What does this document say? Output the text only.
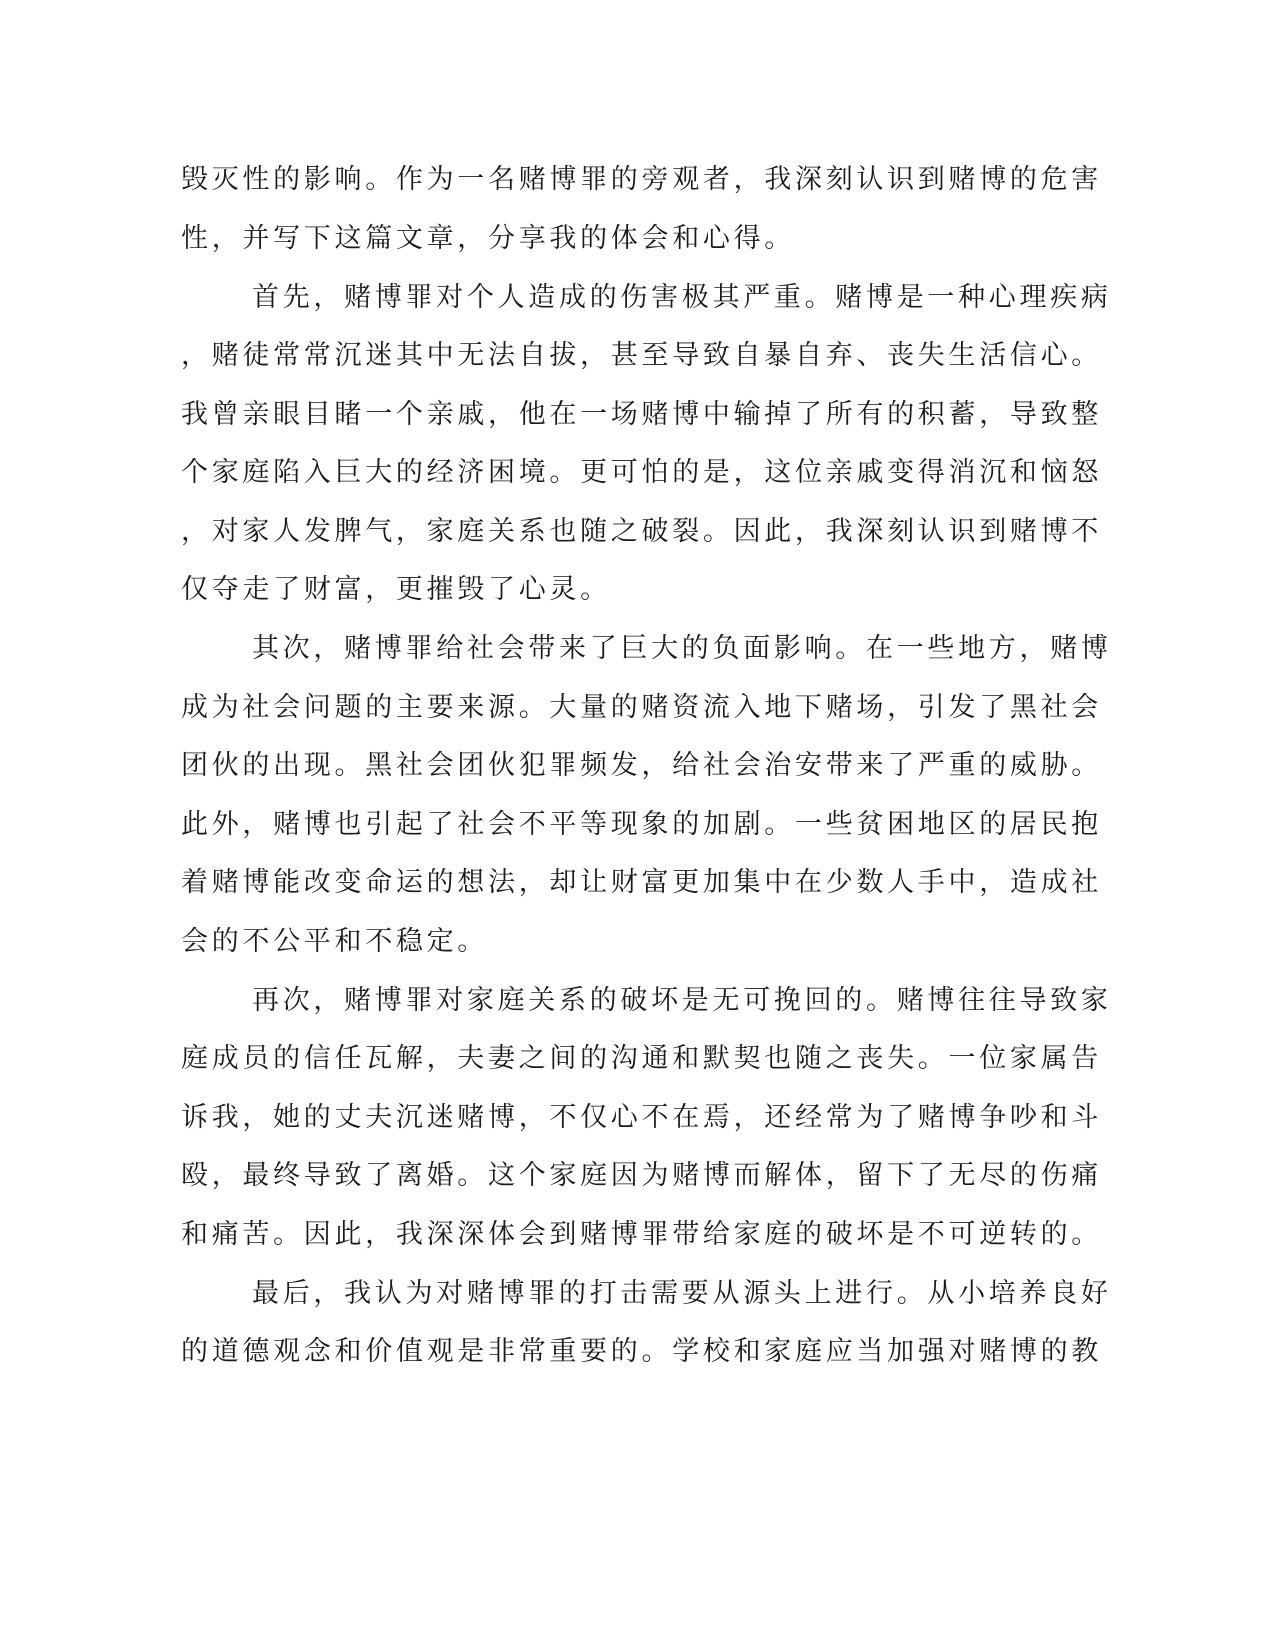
毁灭性的影响。作为一名赌博罪的旁观者，我深刻认识到赌博的危害
性，并写下这篇文章，分享我的体会和心得。
首先，赌博罪对个人造成的伤害极其严重。赌博是一种心理疾病
，赌徒常常沉迷其中无法自拔，甚至导致自暴自弃、丧失生活信心。
我曾亲眼目睹一个亲戚，他在一场赌博中输掉了所有的积蓄，导致整
个家庭陷入巨大的经济困境。更可怕的是，这位亲戚变得消沉和恼怒
，对家人发脾气，家庭关系也随之破裂。因此，我深刻认识到赌博不
仅夺走了财富，更摧毁了心灵。
其次，赌博罪给社会带来了巨大的负面影响。在一些地方，赌博
成为社会问题的主要来源。大量的赌资流入地下赌场，引发了黑社会
团伙的出现。黑社会团伙犯罪频发，给社会治安带来了严重的威胁。
此外，赌博也引起了社会不平等现象的加剧。一些贫困地区的居民抱
着赌博能改变命运的想法，却让财富更加集中在少数人手中，造成社
会的不公平和不稳定。
再次，赌博罪对家庭关系的破坏是无可挽回的。赌博往往导致家
庭成员的信任瓦解，夫妻之间的沟通和默契也随之丧失。一位家属告
诉我，她的丈夫沉迷赌博，不仅心不在焉，还经常为了赌博争吵和斗
殴，最终导致了离婚。这个家庭因为赌博而解体，留下了无尽的伤痛
和痛苦。因此，我深深体会到赌博罪带给家庭的破坏是不可逆转的。
最后，我认为对赌博罪的打击需要从源头上进行。从小培养良好
的道德观念和价值观是非常重要的。学校和家庭应当加强对赌博的教
